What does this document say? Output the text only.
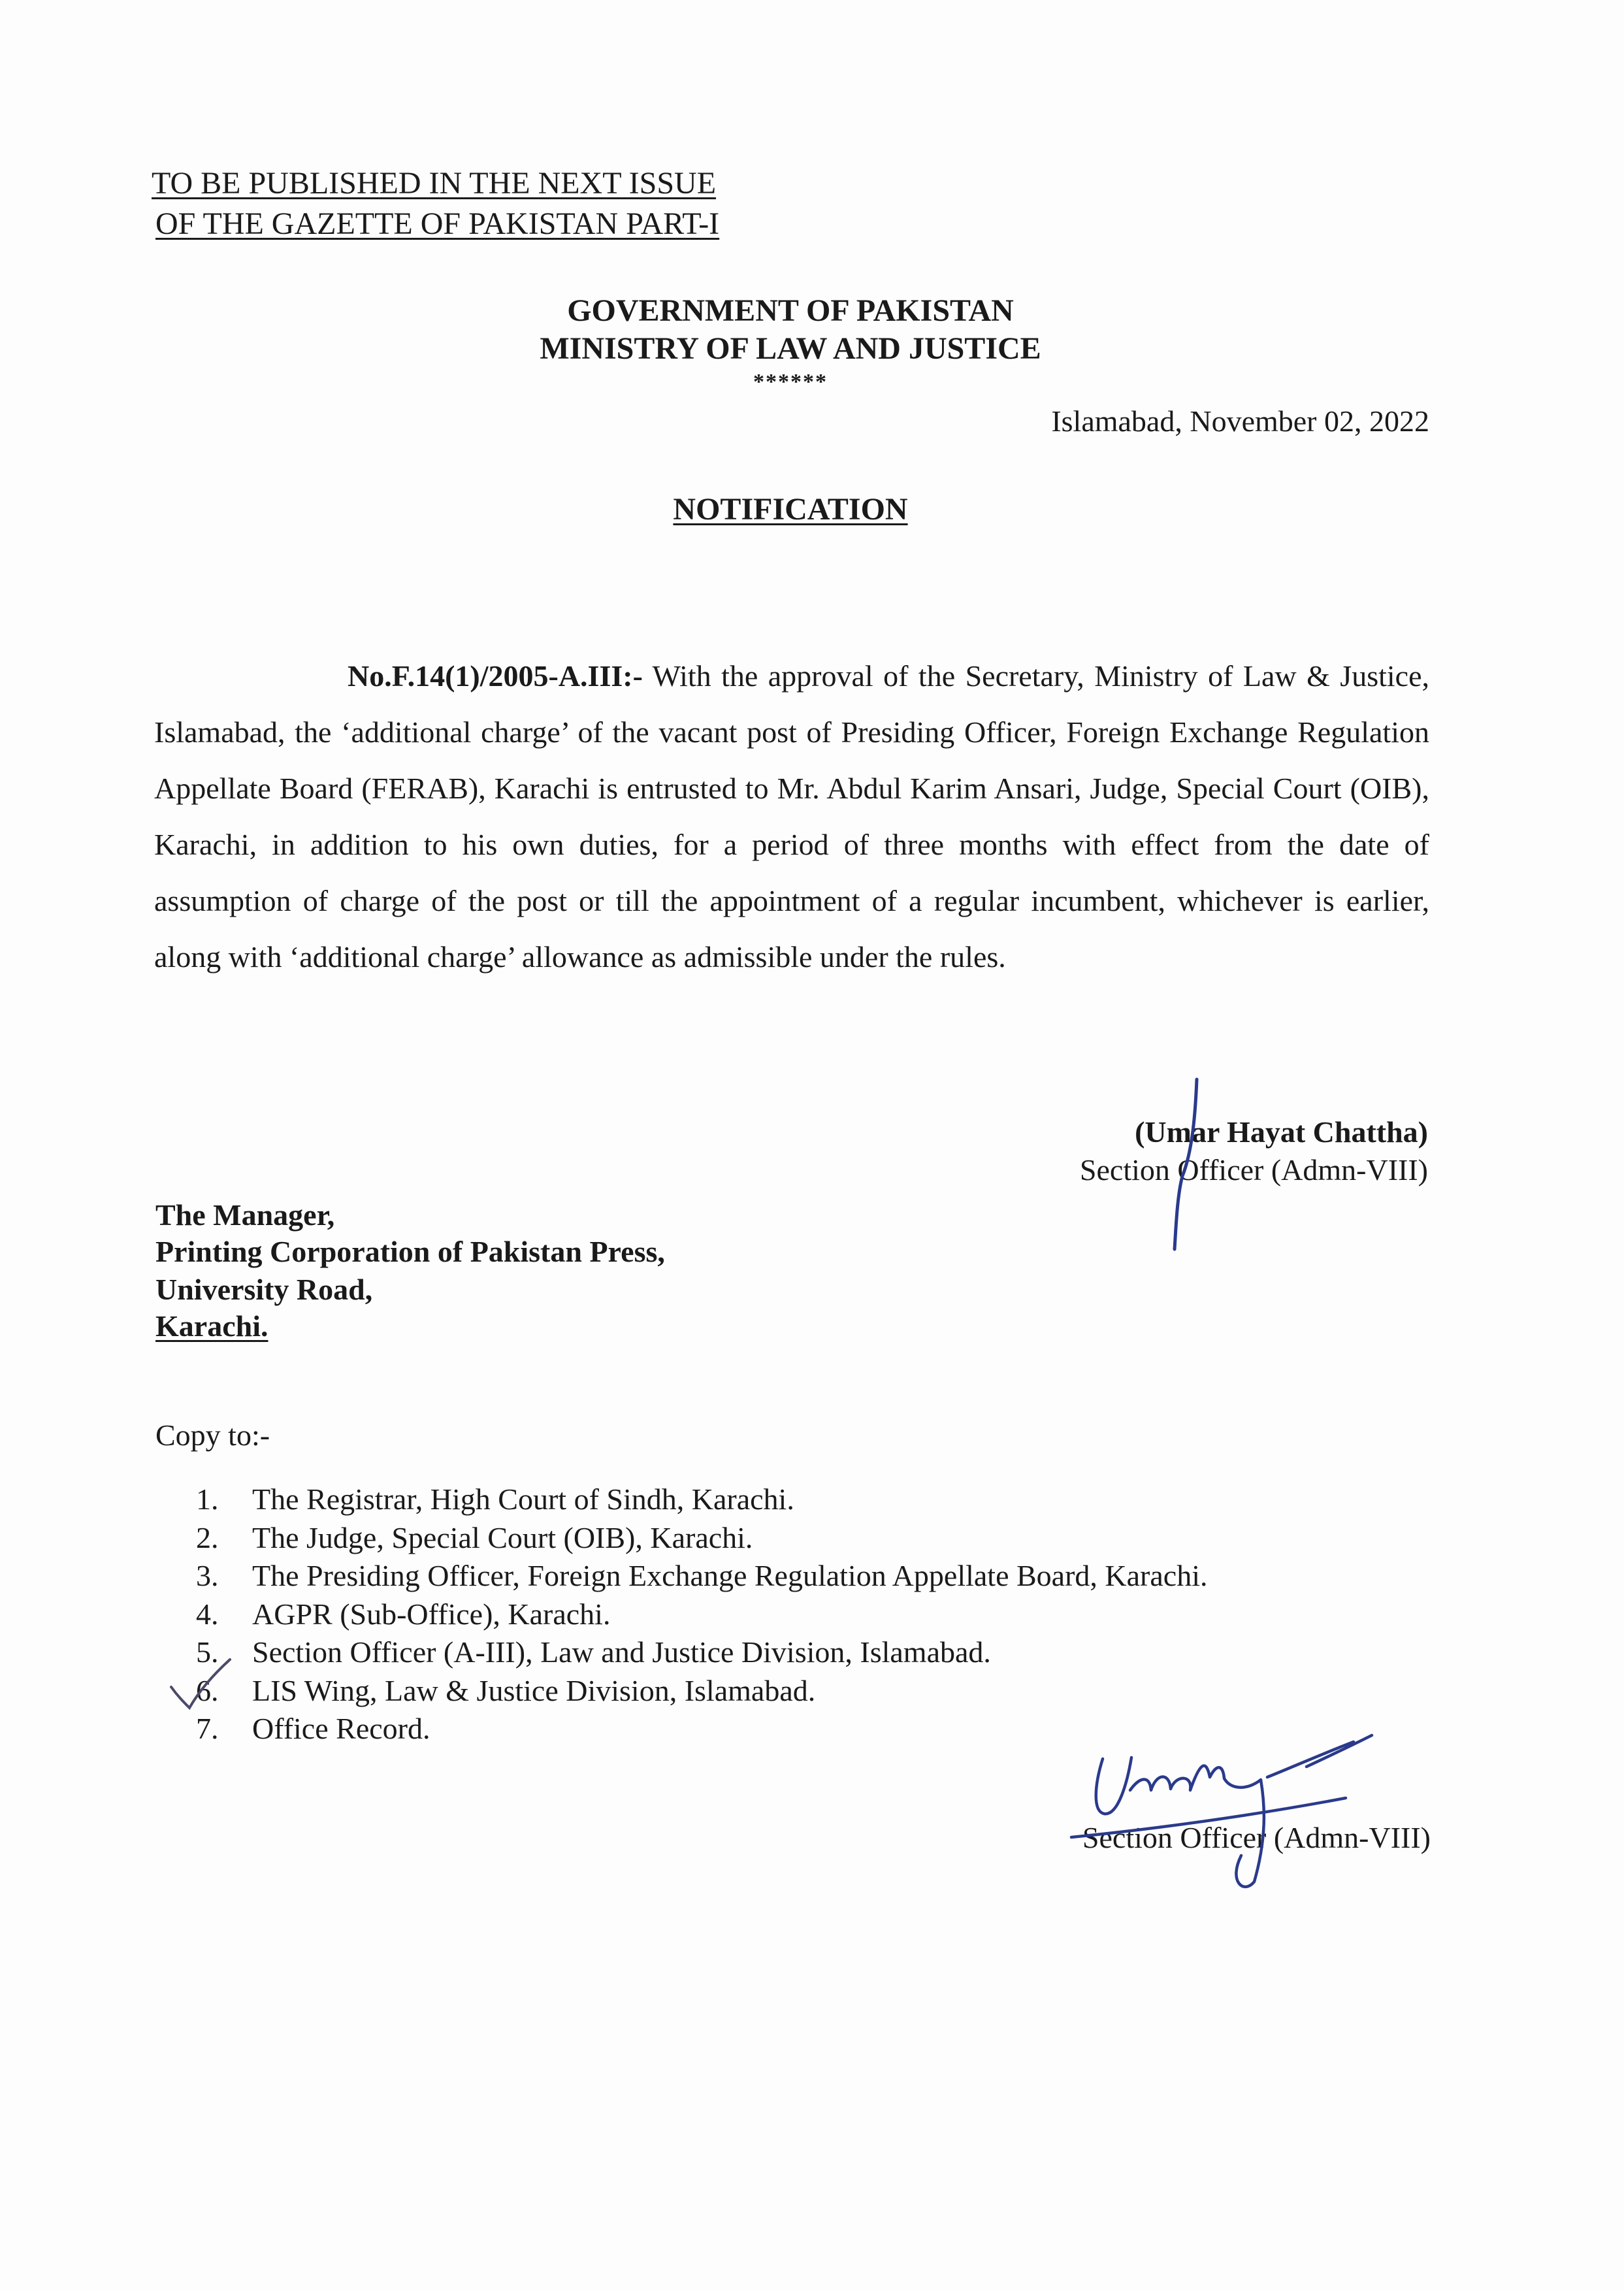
TO BE PUBLISHED IN THE NEXT ISSUE
OF THE GAZETTE OF PAKISTAN PART-I
GOVERNMENT OF PAKISTAN
MINISTRY OF LAW AND JUSTICE
******
Islamabad, November 02, 2022
NOTIFICATION
No.F.14(1)/2005-A.III:- With the approval of the Secretary, Ministry of Law & Justice, Islamabad, the ‘additional charge’ of the vacant post of Presiding Officer, Foreign Exchange Regulation Appellate Board (FERAB), Karachi is entrusted to Mr. Abdul Karim Ansari, Judge, Special Court (OIB), Karachi, in addition to his own duties, for a period of three months with effect from the date of assumption of charge of the post or till the appointment of a regular incumbent, whichever is earlier, along with ‘additional charge’ allowance as admissible under the rules.
(Umar Hayat Chattha)
Section Officer (Admn-VIII)
The Manager,
Printing Corporation of Pakistan Press,
University Road,
Karachi.
Copy to:-
1. The Registrar, High Court of Sindh, Karachi.
2. The Judge, Special Court (OIB), Karachi.
3. The Presiding Officer, Foreign Exchange Regulation Appellate Board, Karachi.
4. AGPR (Sub-Office), Karachi.
5. Section Officer (A-III), Law and Justice Division, Islamabad.
6. LIS Wing, Law & Justice Division, Islamabad.
7. Office Record.
Section Officer (Admn-VIII)
